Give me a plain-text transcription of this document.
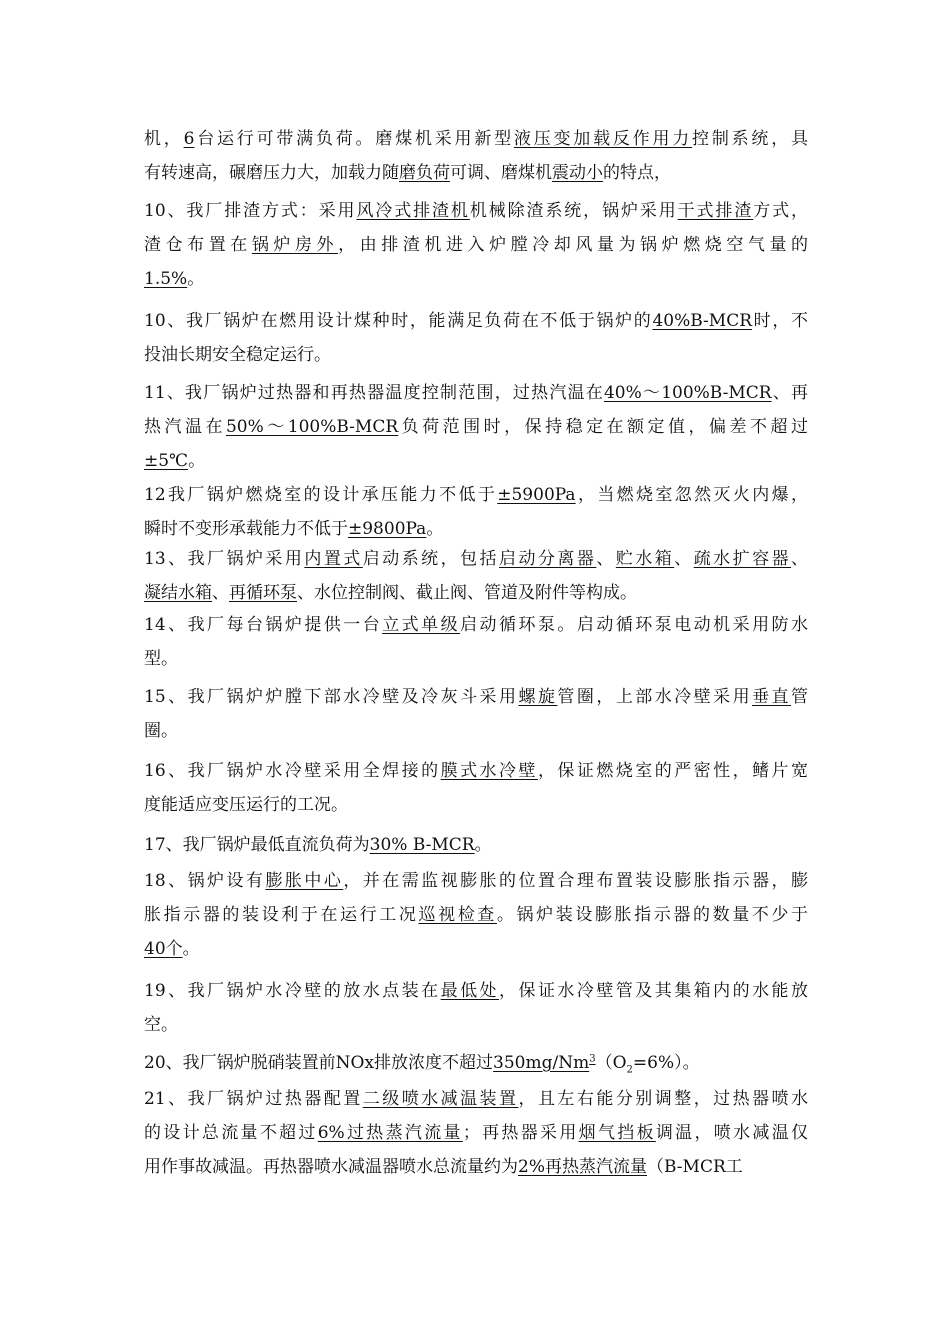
机，6台运行可带满负荷。磨煤机采用新型液压变加载反作用力控制系统，具
有转速高，碾磨压力大，加载力随磨负荷可调、磨煤机震动小的特点，
10、我厂排渣方式：采用风冷式排渣机机械除渣系统，锅炉采用干式排渣方式，
渣仓布置在锅炉房外，由排渣机进入炉膛冷却风量为锅炉燃烧空气量的
1.5%。
10、我厂锅炉在燃用设计煤种时，能满足负荷在不低于锅炉的40%B-MCR时，不
投油长期安全稳定运行。
11、我厂锅炉过热器和再热器温度控制范围，过热汽温在40%～100%B-MCR、再
热汽温在50%～100%B-MCR负荷范围时，保持稳定在额定值，偏差不超过
±5℃。
12我厂锅炉燃烧室的设计承压能力不低于±5900Pa，当燃烧室忽然灭火内爆，
瞬时不变形承载能力不低于±9800Pa。
13、我厂锅炉采用内置式启动系统，包括启动分离器、贮水箱、疏水扩容器、
凝结水箱、再循环泵、水位控制阀、截止阀、管道及附件等构成。
14、我厂每台锅炉提供一台立式单级启动循环泵。启动循环泵电动机采用防水
型。
15、我厂锅炉炉膛下部水冷壁及冷灰斗采用螺旋管圈，上部水冷壁采用垂直管
圈。
16、我厂锅炉水冷壁采用全焊接的膜式水冷壁，保证燃烧室的严密性，鳍片宽
度能适应变压运行的工况。
17、我厂锅炉最低直流负荷为30% B-MCR。
18、锅炉设有膨胀中心，并在需监视膨胀的位置合理布置装设膨胀指示器，膨
胀指示器的装设利于在运行工况巡视检查。锅炉装设膨胀指示器的数量不少于
40个。
19、我厂锅炉水冷壁的放水点装在最低处，保证水冷壁管及其集箱内的水能放
空。
20、我厂锅炉脱硝装置前NOx排放浓度不超过$350mg/Nm^3(O_2=6\%)$。
21、我厂锅炉过热器配置二级喷水减温装置，且左右能分别调整，过热器喷水
的设计总流量不超过6%过热蒸汽流量；再热器采用烟气挡板调温，喷水减温仅
用作事故减温。再热器喷水减温器喷水总流量约为2%再热蒸汽流量（B-MCR工
